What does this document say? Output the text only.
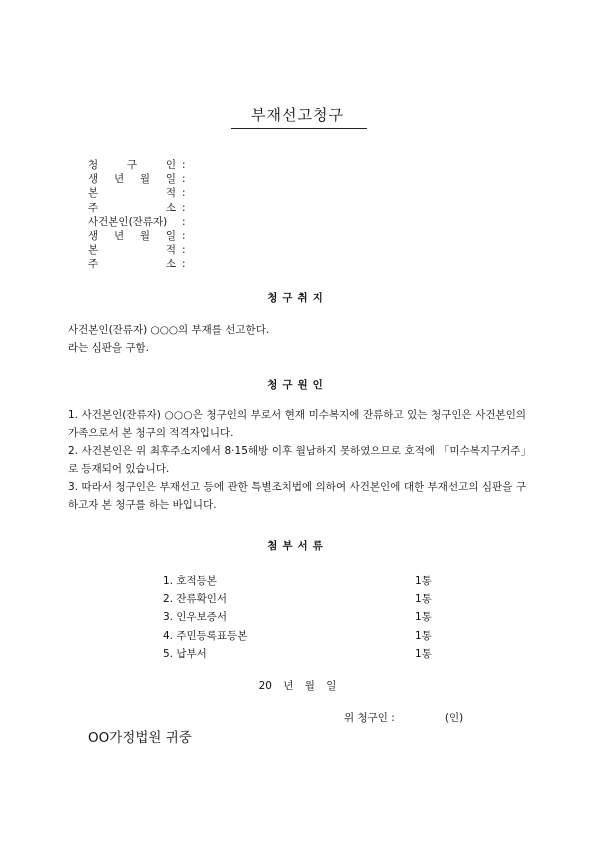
부재선고청구
청	구	인 :
생 년 월 일 :
본	적 :
주	소 :
사건본인(잔류자)	:
생 년 월 일 :
본	적 :
주	소 :
청구취지

사건본인(잔류자) ○○○의 부재를 선고한다.

라는 심판을 구함.

청구원인

1. 사건본인(잔류자) ○○○은 청구인의 부로서 현재 미수복지에 잔류하고 있는 청구인은 사건본인의 가족으로서 본 청구의 적격자입니다.

2. 사건본인은 위 최후주소지에서 8·15해방 이후 월남하지 못하였으므로 호적에 「미수복지구거주」로 등재되어 있습니다.

3. 따라서 청구인은 부재선고 등에 관한 특별조치법에 의하여 사건본인에 대한 부재선고의 심판을 구하고자 본 청구를 하는 바입니다.

첨부서류
1. 호적등본	1통
2. 잔류확인서	1통
3. 인우보증서	1통
4. 주민등록표등본	1통
5. 납부서	1통
20 년 월 일
위 청구인 :               (인)
OO가정법원 귀중
